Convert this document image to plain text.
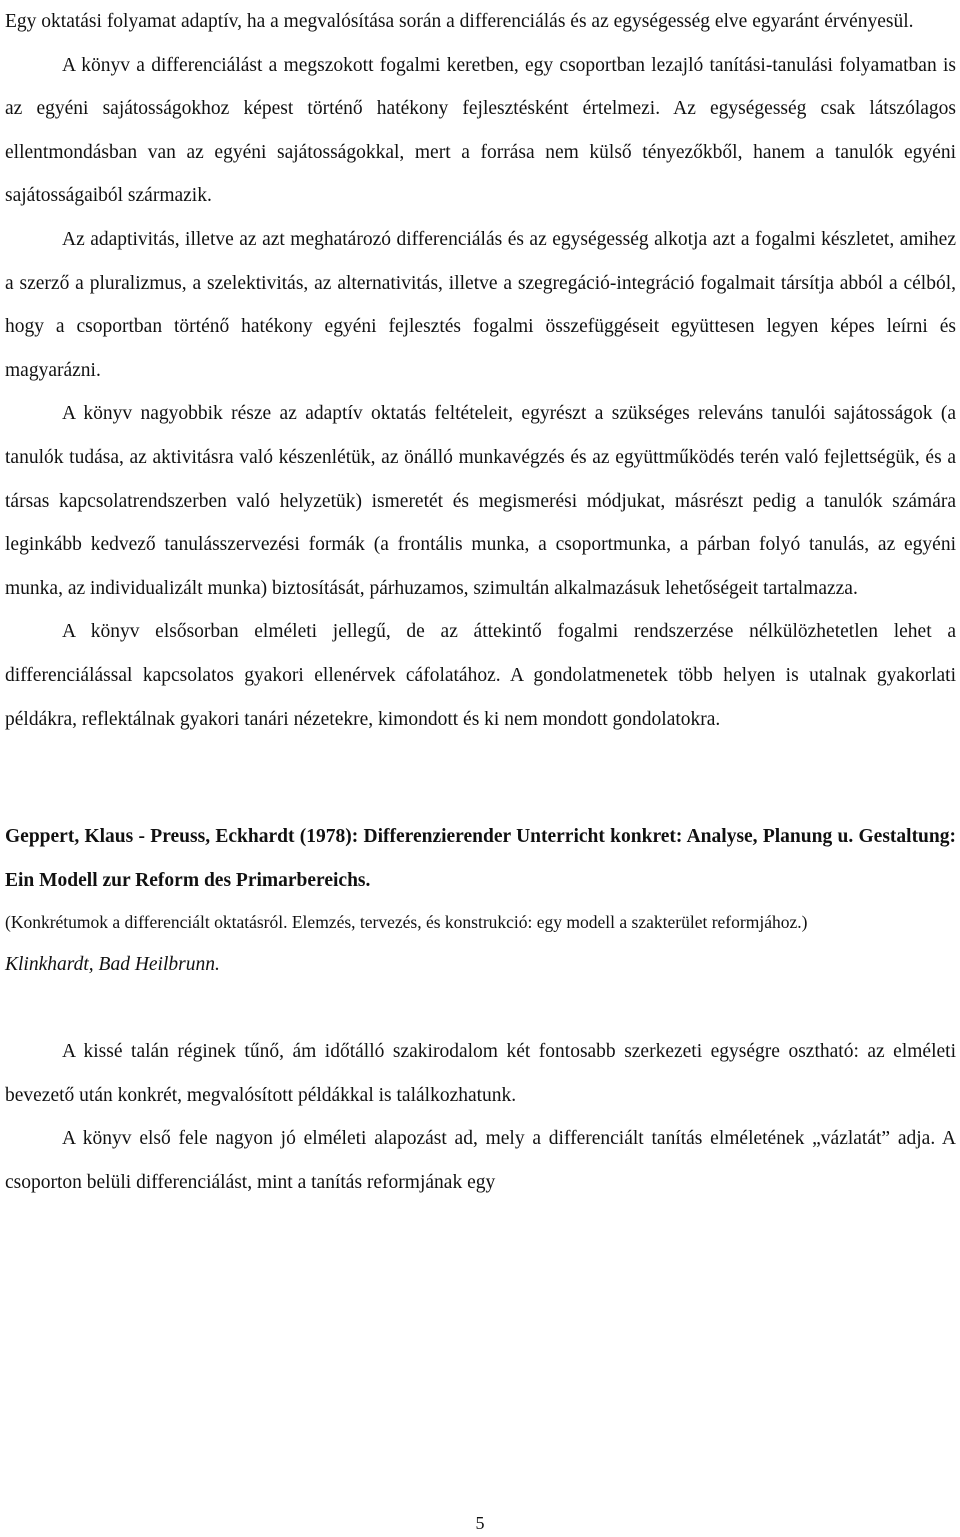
Egy oktatási folyamat adaptív, ha a megvalósítása során a differenciálás és az egységesség elve egyaránt érvényesül.

A könyv a differenciálást a megszokott fogalmi keretben, egy csoportban lezajló tanítási-tanulási folyamatban is az egyéni sajátosságokhoz képest történő hatékony fejlesztésként értelmezi. Az egységesség csak látszólagos ellentmondásban van az egyéni sajátosságokkal, mert a forrása nem külső tényezőkből, hanem a tanulók egyéni sajátosságaiból származik.

Az adaptivitás, illetve az azt meghatározó differenciálás és az egységesség alkotja azt a fogalmi készletet, amihez a szerző a pluralizmus, a szelektivitás, az alternativitás, illetve a szegregáció-integráció fogalmait társítja abból a célból, hogy a csoportban történő hatékony egyéni fejlesztés fogalmi összefüggéseit együttesen legyen képes leírni és magyarázni.

A könyv nagyobbik része az adaptív oktatás feltételeit, egyrészt a szükséges releváns tanulói sajátosságok (a tanulók tudása, az aktivitásra való készenlétük, az önálló munkavégzés és az együttműködés terén való fejlettségük, és a társas kapcsolatrendszerben való helyzetük) ismeretét és megismerési módjukat, másrészt pedig a tanulók számára leginkább kedvező tanulásszervezési formák (a frontális munka, a csoportmunka, a párban folyó tanulás, az egyéni munka, az individualizált munka) biztosítását, párhuzamos, szimultán alkalmazásuk lehetőségeit tartalmazza.

A könyv elsősorban elméleti jellegű, de az áttekintő fogalmi rendszerzése nélkülözhetetlen lehet a differenciálással kapcsolatos gyakori ellenérvek cáfolatához. A gondolatmenetek több helyen is utalnak gyakorlati példákra, reflektálnak gyakori tanári nézetekre, kimondott és ki nem mondott gondolatokra.

Geppert, Klaus - Preuss, Eckhardt (1978): Differenzierender Unterricht konkret: Analyse, Planung u. Gestaltung: Ein Modell zur Reform des Primarbereichs.

(Konkrétumok a differenciált oktatásról. Elemzés, tervezés, és konstrukció: egy modell a szakterület reformjához.)

Klinkhardt, Bad Heilbrunn.

A kissé talán réginek tűnő, ám időtálló szakirodalom két fontosabb szerkezeti egységre osztható: az elméleti bevezető után konkrét, megvalósított példákkal is találkozhatunk.

A könyv első fele nagyon jó elméleti alapozást ad, mely a differenciált tanítás elméletének „vázlatát” adja. A csoporton belüli differenciálást, mint a tanítás reformjának egy

5
